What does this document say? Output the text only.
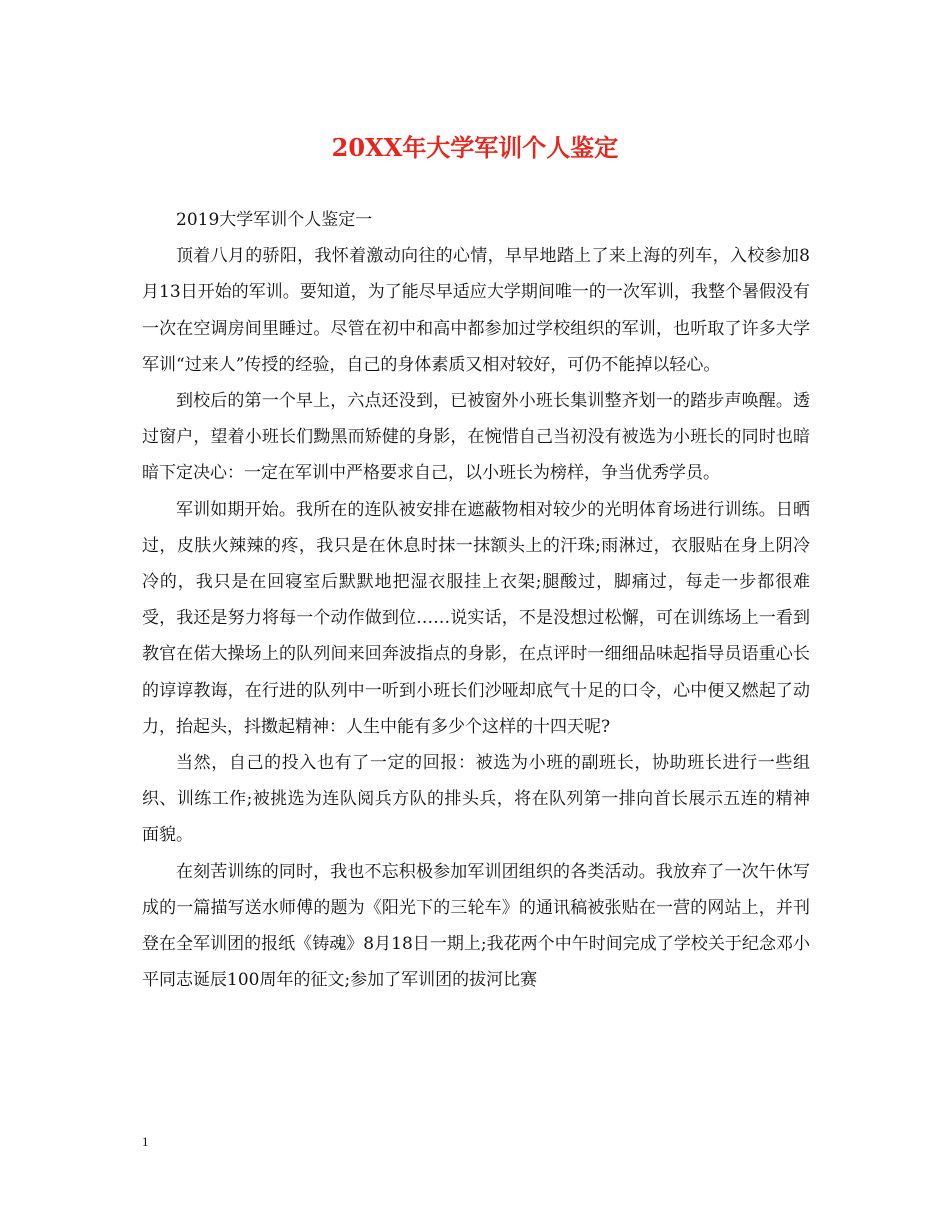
20XX年大学军训个人鉴定

2019大学军训个人鉴定一

顶着八月的骄阳，我怀着激动向往的心情，早早地踏上了来上海的列车，入校参加8月13日开始的军训。要知道，为了能尽早适应大学期间唯一的一次军训，我整个暑假没有一次在空调房间里睡过。尽管在初中和高中都参加过学校组织的军训，也听取了许多大学军训“过来人”传授的经验，自己的身体素质又相对较好，可仍不能掉以轻心。

到校后的第一个早上，六点还没到，已被窗外小班长集训整齐划一的踏步声唤醒。透过窗户，望着小班长们黝黑而矫健的身影，在惋惜自己当初没有被选为小班长的同时也暗暗下定决心：一定在军训中严格要求自己，以小班长为榜样，争当优秀学员。

军训如期开始。我所在的连队被安排在遮蔽物相对较少的光明体育场进行训练。日晒过，皮肤火辣辣的疼，我只是在休息时抹一抹额头上的汗珠;雨淋过，衣服贴在身上阴冷冷的，我只是在回寝室后默默地把湿衣服挂上衣架;腿酸过，脚痛过，每走一步都很难受，我还是努力将每一个动作做到位……说实话，不是没想过松懈，可在训练场上一看到教官在偌大操场上的队列间来回奔波指点的身影，在点评时一细细品味起指导员语重心长的谆谆教诲，在行进的队列中一听到小班长们沙哑却底气十足的口令，心中便又燃起了动力，抬起头，抖擞起精神：人生中能有多少个这样的十四天呢?

当然，自己的投入也有了一定的回报：被选为小班的副班长，协助班长进行一些组织、训练工作;被挑选为连队阅兵方队的排头兵，将在队列第一排向首长展示五连的精神面貌。

在刻苦训练的同时，我也不忘积极参加军训团组织的各类活动。我放弃了一次午休写成的一篇描写送水师傅的题为《阳光下的三轮车》的通讯稿被张贴在一营的网站上，并刊登在全军训团的报纸《铸魂》8月18日一期上;我花两个中午时间完成了学校关于纪念邓小平同志诞辰100周年的征文;参加了军训团的拔河比赛

1
